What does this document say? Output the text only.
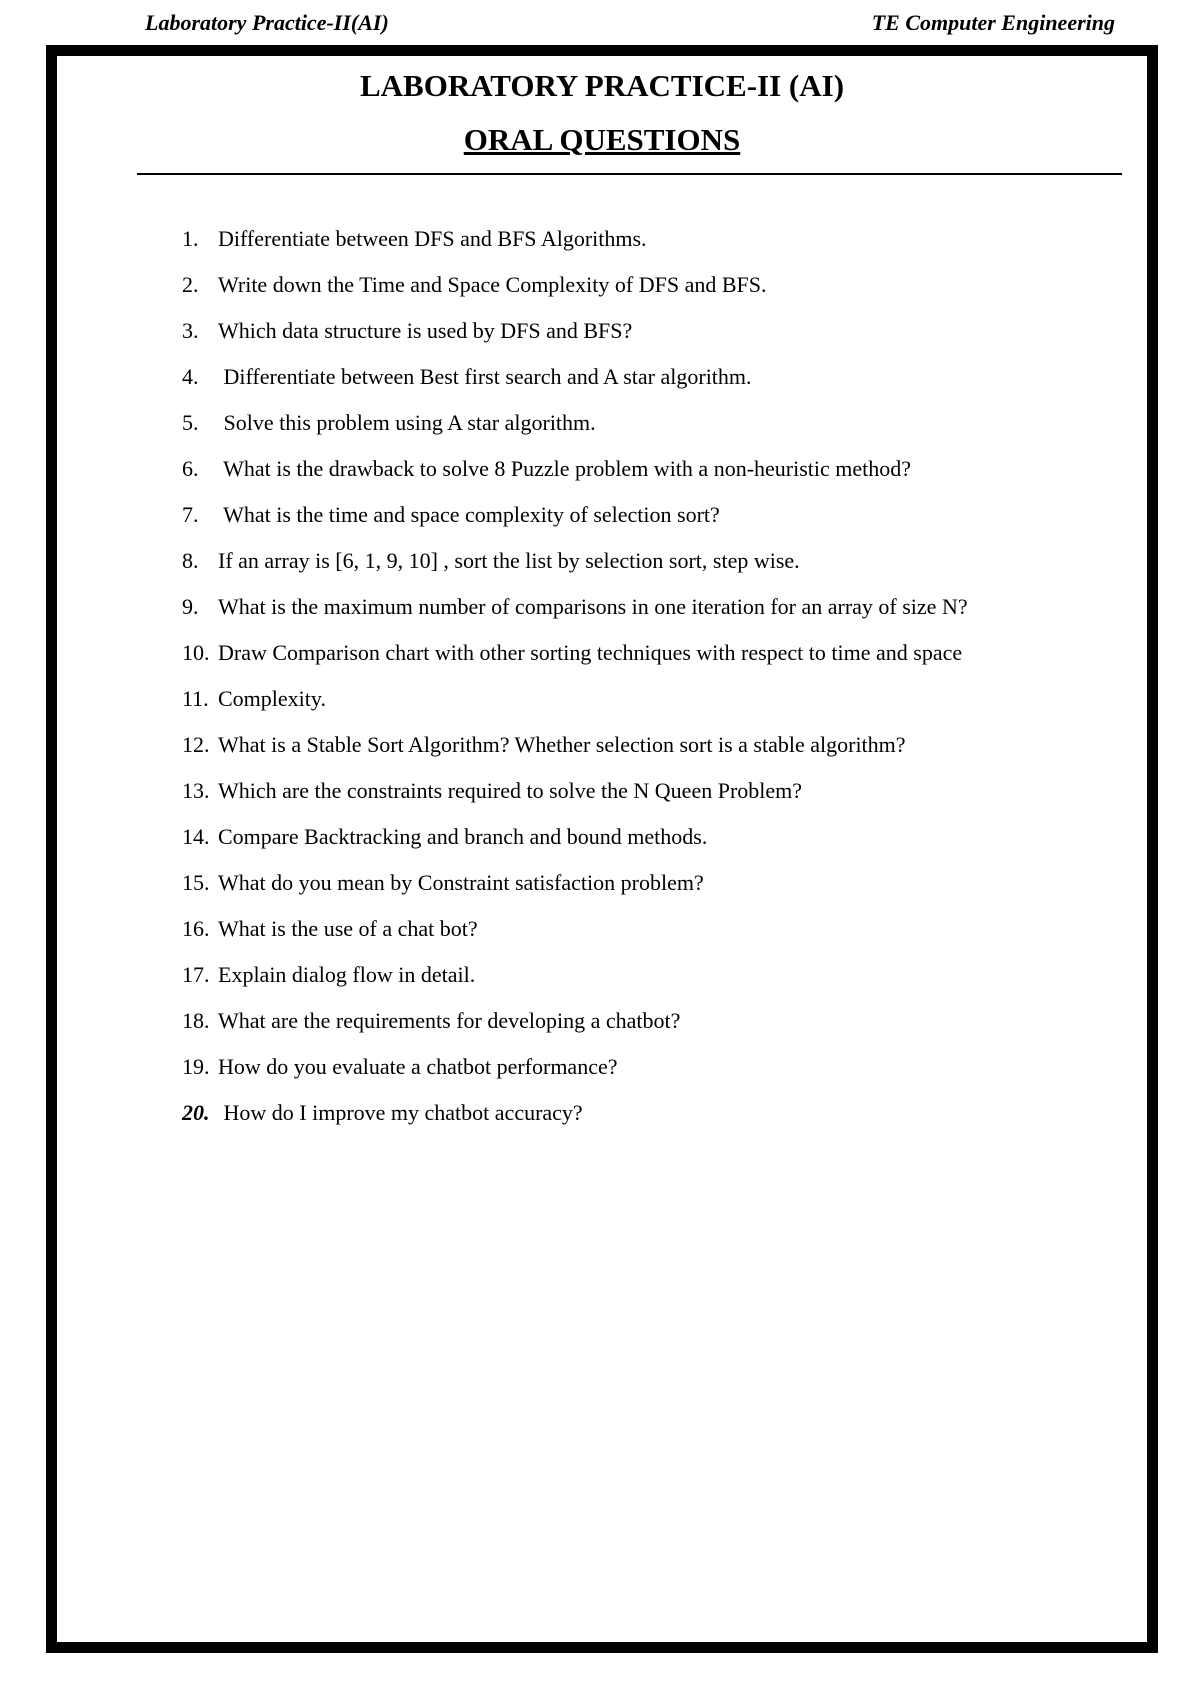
Laboratory Practice-II(AI)	TE Computer Engineering
LABORATORY PRACTICE-II (AI)
ORAL QUESTIONS
1. Differentiate between DFS and BFS Algorithms.
2. Write down the Time and Space Complexity of DFS and BFS.
3. Which data structure is used by DFS and BFS?
4. Differentiate between Best first search and A star algorithm.
5. Solve this problem using A star algorithm.
6. What is the drawback to solve 8 Puzzle problem with a non-heuristic method?
7. What is the time and space complexity of selection sort?
8. If an array is [6, 1, 9, 10] , sort the list by selection sort, step wise.
9. What is the maximum number of comparisons in one iteration for an array of size N?
10. Draw Comparison chart with other sorting techniques with respect to time and space
11. Complexity.
12. What is a Stable Sort Algorithm? Whether selection sort is a stable algorithm?
13. Which are the constraints required to solve the N Queen Problem?
14. Compare Backtracking and branch and bound methods.
15. What do you mean by Constraint satisfaction problem?
16. What is the use of a chat bot?
17. Explain dialog flow in detail.
18. What are the requirements for developing a chatbot?
19. How do you evaluate a chatbot performance?
20. How do I improve my chatbot accuracy?
